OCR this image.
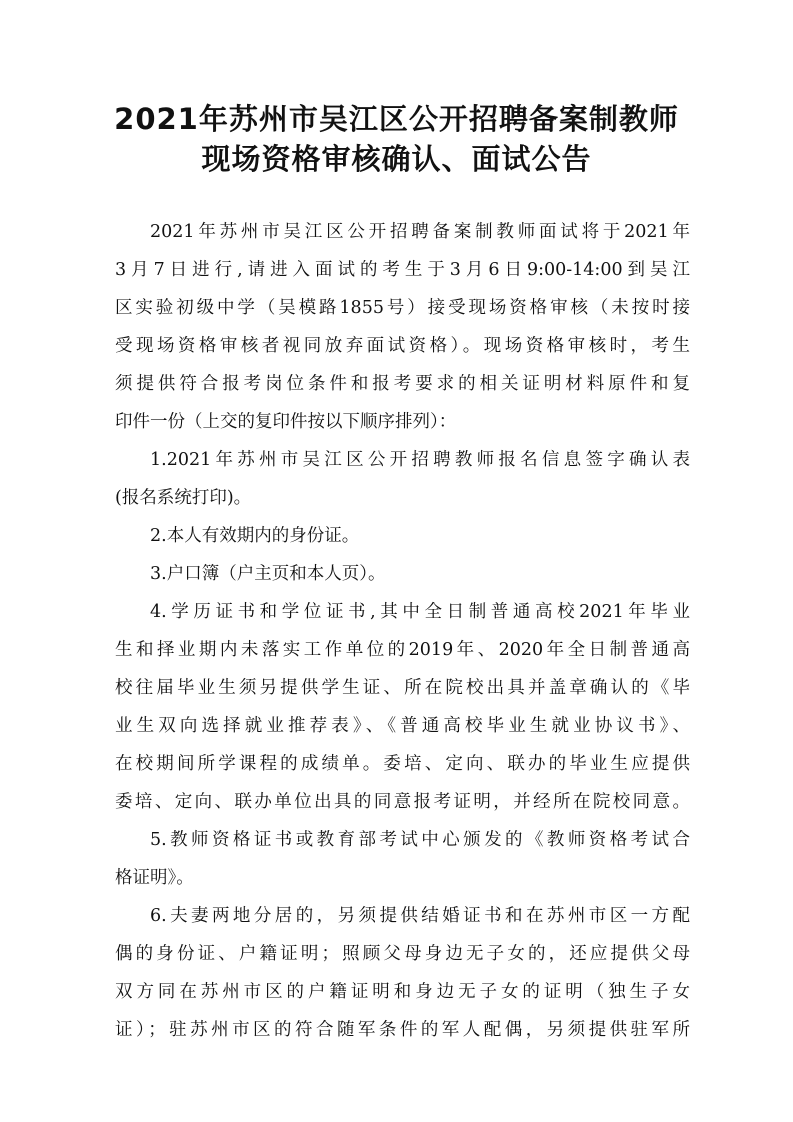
2021年苏州市吴江区公开招聘备案制教师
现场资格审核确认、面试公告
2021年苏州市吴江区公开招聘备案制教师面试将于2021年
3月7日进行,请进入面试的考生于3月6日9:00-14:00到吴江
区实验初级中学（吴模路1855号）接受现场资格审核（未按时接
受现场资格审核者视同放弃面试资格）。现场资格审核时，考生
须提供符合报考岗位条件和报考要求的相关证明材料原件和复
印件一份（上交的复印件按以下顺序排列）：
1.2021年苏州市吴江区公开招聘教师报名信息签字确认表
(报名系统打印)。
2.本人有效期内的身份证。
3.户口簿（户主页和本人页）。
4.学历证书和学位证书,其中全日制普通高校2021年毕业
生和择业期内未落实工作单位的2019年、2020年全日制普通高
校往届毕业生须另提供学生证、所在院校出具并盖章确认的《毕
业生双向选择就业推荐表》、《普通高校毕业生就业协议书》、
在校期间所学课程的成绩单。委培、定向、联办的毕业生应提供
委培、定向、联办单位出具的同意报考证明，并经所在院校同意。
5.教师资格证书或教育部考试中心颁发的《教师资格考试合
格证明》。
6.夫妻两地分居的，另须提供结婚证书和在苏州市区一方配
偶的身份证、户籍证明；照顾父母身边无子女的，还应提供父母
双方同在苏州市区的户籍证明和身边无子女的证明（独生子女
证）；驻苏州市区的符合随军条件的军人配偶，另须提供驻军所
